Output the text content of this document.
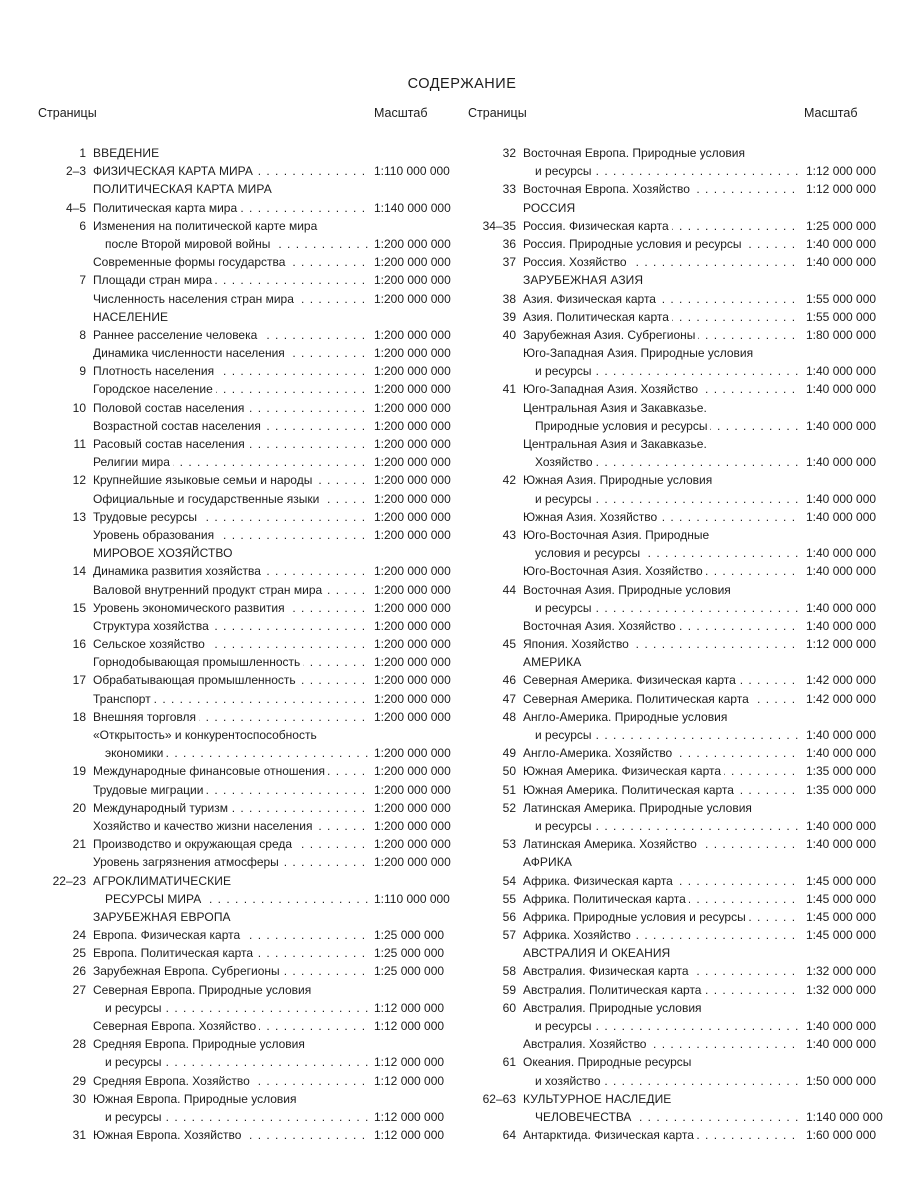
СОДЕРЖАНИЕ
Страницы	Масштаб
1 ВВЕДЕНИЕ
2–3 ФИЗИЧЕСКАЯ КАРТА МИРА . . .	1:110 000 000
ПОЛИТИЧЕСКАЯ КАРТА МИРА
4–5 Политическая карта мира . . .	1:140 000 000
6 Изменения на политической карте мира
после Второй мировой войны . . .	1:200 000 000
Современные формы государства . . .	1:200 000 000
7 Площади стран мира . . .	1:200 000 000
Численность населения стран мира . . .	1:200 000 000
НАСЕЛЕНИЕ
8 Раннее расселение человека . . .	1:200 000 000
Динамика численности населения . . .	1:200 000 000
9 Плотность населения . . .	1:200 000 000
Городское население . . .	1:200 000 000
10 Половой состав населения . . .	1:200 000 000
Возрастной состав населения . . .	1:200 000 000
11 Расовый состав населения . . .	1:200 000 000
Религии мира . . .	1:200 000 000
12 Крупнейшие языковые семьи и народы . . .	1:200 000 000
Официальные и государственные языки . . .	1:200 000 000
13 Трудовые ресурсы . . .	1:200 000 000
Уровень образования . . .	1:200 000 000
МИРОВОЕ ХОЗЯЙСТВО
14 Динамика развития хозяйства . . .	1:200 000 000
Валовой внутренний продукт стран мира . . .	1:200 000 000
15 Уровень экономического развития . . .	1:200 000 000
Структура хозяйства . . .	1:200 000 000
16 Сельское хозяйство . . .	1:200 000 000
Горнодобывающая промышленность . . .	1:200 000 000
17 Обрабатывающая промышленность . . .	1:200 000 000
Транспорт . . .	1:200 000 000
18 Внешняя торговля . . .	1:200 000 000
«Открытость» и конкурентоспособность
экономики . . .	1:200 000 000
19 Международные финансовые отношения . . .	1:200 000 000
Трудовые миграции . . .	1:200 000 000
20 Международный туризм . . .	1:200 000 000
Хозяйство и качество жизни населения . . .	1:200 000 000
21 Производство и окружающая среда . . .	1:200 000 000
Уровень загрязнения атмосферы . . .	1:200 000 000
22–23 АГРОКЛИМАТИЧЕСКИЕ
РЕСУРСЫ МИРА . . .	1:110 000 000
ЗАРУБЕЖНАЯ ЕВРОПА
24 Европа. Физическая карта . . .	1:25 000 000
25 Европа. Политическая карта . . .	1:25 000 000
26 Зарубежная Европа. Субрегионы . . .	1:25 000 000
27 Северная Европа. Природные условия
и ресурсы . . .	1:12 000 000
Северная Европа. Хозяйство . . .	1:12 000 000
28 Средняя Европа. Природные условия
и ресурсы . . .	1:12 000 000
29 Средняя Европа. Хозяйство . . .	1:12 000 000
30 Южная Европа. Природные условия
и ресурсы . . .	1:12 000 000
31 Южная Европа. Хозяйство . . .	1:12 000 000
Страницы	Масштаб
32 Восточная Европа. Природные условия
и ресурсы . . .	1:12 000 000
33 Восточная Европа. Хозяйство . . .	1:12 000 000
РОССИЯ
34–35 Россия. Физическая карта . . .	1:25 000 000
36 Россия. Природные условия и ресурсы . . .	1:40 000 000
37 Россия. Хозяйство . . .	1:40 000 000
ЗАРУБЕЖНАЯ АЗИЯ
38 Азия. Физическая карта . . .	1:55 000 000
39 Азия. Политическая карта . . .	1:55 000 000
40 Зарубежная Азия. Субрегионы . . .	1:80 000 000
Юго-Западная Азия. Природные условия
и ресурсы . . .	1:40 000 000
41 Юго-Западная Азия. Хозяйство . . .	1:40 000 000
Центральная Азия и Закавказье.
Природные условия и ресурсы . . .	1:40 000 000
Центральная Азия и Закавказье.
Хозяйство . . .	1:40 000 000
42 Южная Азия. Природные условия
и ресурсы . . .	1:40 000 000
Южная Азия. Хозяйство . . .	1:40 000 000
43 Юго-Восточная Азия. Природные
условия и ресурсы . . .	1:40 000 000
Юго-Восточная Азия. Хозяйство . . .	1:40 000 000
44 Восточная Азия. Природные условия
и ресурсы . . .	1:40 000 000
Восточная Азия. Хозяйство . . .	1:40 000 000
45 Япония. Хозяйство . . .	1:12 000 000
АМЕРИКА
46 Северная Америка. Физическая карта . . .	1:42 000 000
47 Северная Америка. Политическая карта . . .	1:42 000 000
48 Англо-Америка. Природные условия
и ресурсы . . .	1:40 000 000
49 Англо-Америка. Хозяйство . . .	1:40 000 000
50 Южная Америка. Физическая карта . . .	1:35 000 000
51 Южная Америка. Политическая карта . . .	1:35 000 000
52 Латинская Америка. Природные условия
и ресурсы . . .	1:40 000 000
53 Латинская Америка. Хозяйство . . .	1:40 000 000
АФРИКА
54 Африка. Физическая карта . . .	1:45 000 000
55 Африка. Политическая карта . . .	1:45 000 000
56 Африка. Природные условия и ресурсы . . .	1:45 000 000
57 Африка. Хозяйство . . .	1:45 000 000
АВСТРАЛИЯ И ОКЕАНИЯ
58 Австралия. Физическая карта . . .	1:32 000 000
59 Австралия. Политическая карта . . .	1:32 000 000
60 Австралия. Природные условия
и ресурсы . . .	1:40 000 000
Австралия. Хозяйство . . .	1:40 000 000
61 Океания. Природные ресурсы
и хозяйство . . .	1:50 000 000
62–63 КУЛЬТУРНОЕ НАСЛЕДИЕ
ЧЕЛОВЕЧЕСТВА . . .	1:140 000 000
64 Антарктида. Физическая карта . . .	1:60 000 000
